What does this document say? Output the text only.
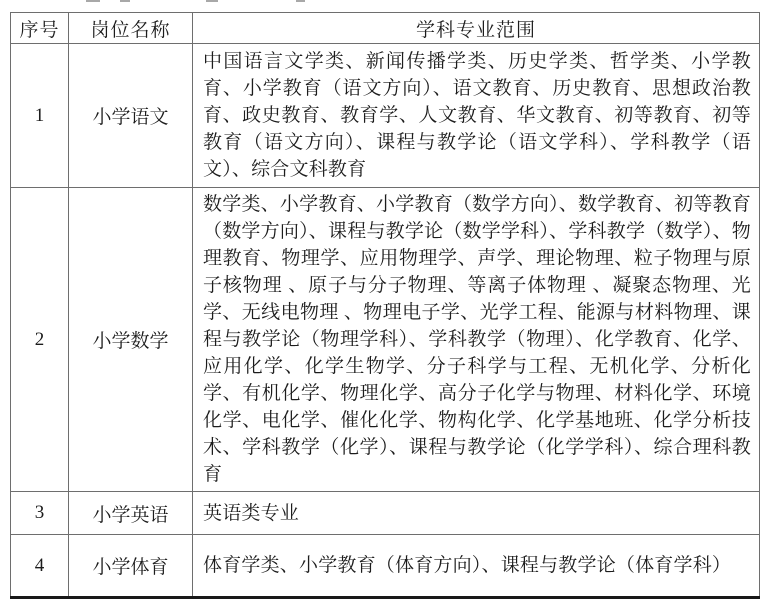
序号	岗位名称	学科专业范围
1	小学语文	中国语言文学类、新闻传播学类、历史学类、哲学类、小学教育、小学教育（语文方向）、语文教育、历史教育、思想政治教育、政史教育、教育学、人文教育、华文教育、初等教育、初等教育（语文方向）、课程与教学论（语文学科）、学科教学（语文）、综合文科教育
2	小学数学	数学类、小学教育、小学教育（数学方向）、数学教育、初等教育（数学方向）、课程与教学论（数学学科）、学科教学（数学）、物理教育、物理学、应用物理学、声学、理论物理、粒子物理与原子核物理 、原子与分子物理、等离子体物理 、凝聚态物理、光学、无线电物理 、物理电子学、光学工程、能源与材料物理、课程与教学论（物理学科）、学科教学（物理）、化学教育、化学、应用化学、化学生物学、分子科学与工程、无机化学、分析化学、有机化学、物理化学、高分子化学与物理、材料化学、环境化学、电化学、催化化学、物构化学、化学基地班、化学分析技术、学科教学（化学）、课程与教学论（化学学科）、综合理科教育
3	小学英语	英语类专业
4	小学体育	体育学类、小学教育（体育方向）、课程与教学论（体育学科）
